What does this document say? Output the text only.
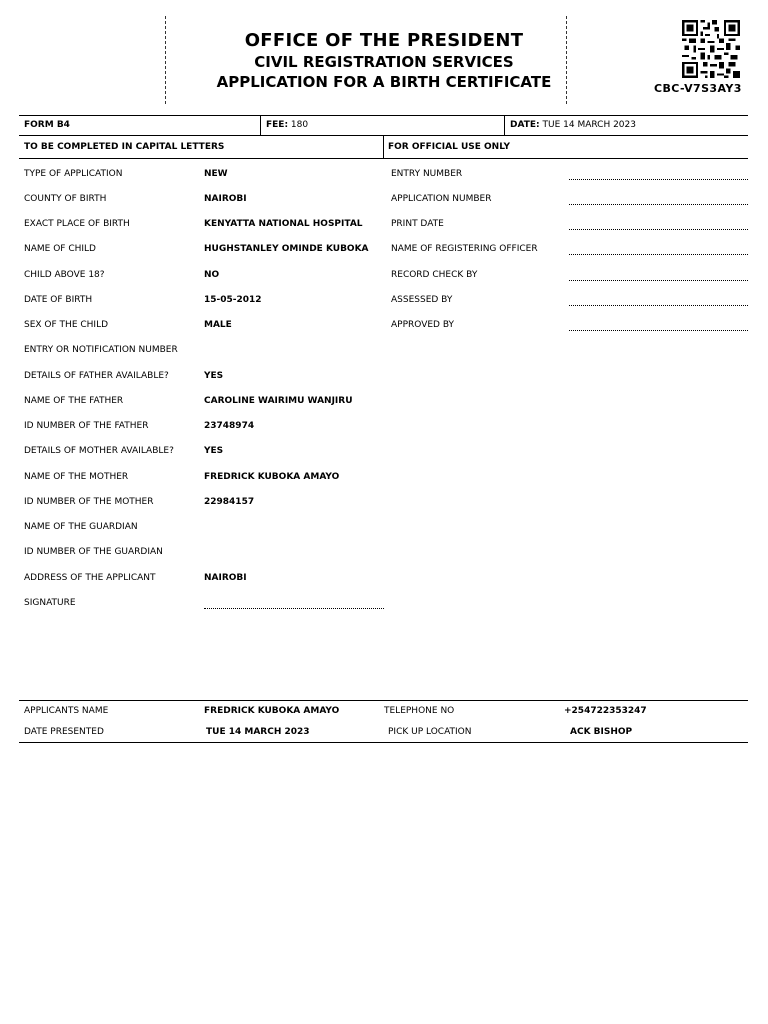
OFFICE OF THE PRESIDENT
CIVIL REGISTRATION SERVICES
APPLICATION FOR A BIRTH CERTIFICATE	CBC-V7S3AY3
FORM B4	FEE: 180	DATE: TUE 14 MARCH 2023
TO BE COMPLETED IN CAPITAL LETTERS	FOR OFFICIAL USE ONLY
TYPE OF APPLICATION	NEW
COUNTY OF BIRTH	NAIROBI
EXACT PLACE OF BIRTH	KENYATTA NATIONAL HOSPITAL
NAME OF CHILD	HUGHSTANLEY OMINDE KUBOKA
CHILD ABOVE 18?	NO
DATE OF BIRTH	15-05-2012
SEX OF THE CHILD	MALE
ENTRY OR NOTIFICATION NUMBER
DETAILS OF FATHER AVAILABLE?	YES
NAME OF THE FATHER	CAROLINE WAIRIMU WANJIRU
ID NUMBER OF THE FATHER	23748974
DETAILS OF MOTHER AVAILABLE?	YES
NAME OF THE MOTHER	FREDRICK KUBOKA AMAYO
ID NUMBER OF THE MOTHER	22984157
NAME OF THE GUARDIAN
ID NUMBER OF THE GUARDIAN
ADDRESS OF THE APPLICANT	NAIROBI
SIGNATURE
ENTRY NUMBER
APPLICATION NUMBER
PRINT DATE
NAME OF REGISTERING OFFICER
RECORD CHECK BY
ASSESSED BY
APPROVED BY
APPLICANTS NAME	FREDRICK KUBOKA AMAYO	TELEPHONE NO	+254722353247
DATE PRESENTED	TUE 14 MARCH 2023	PICK UP LOCATION	ACK BISHOP
